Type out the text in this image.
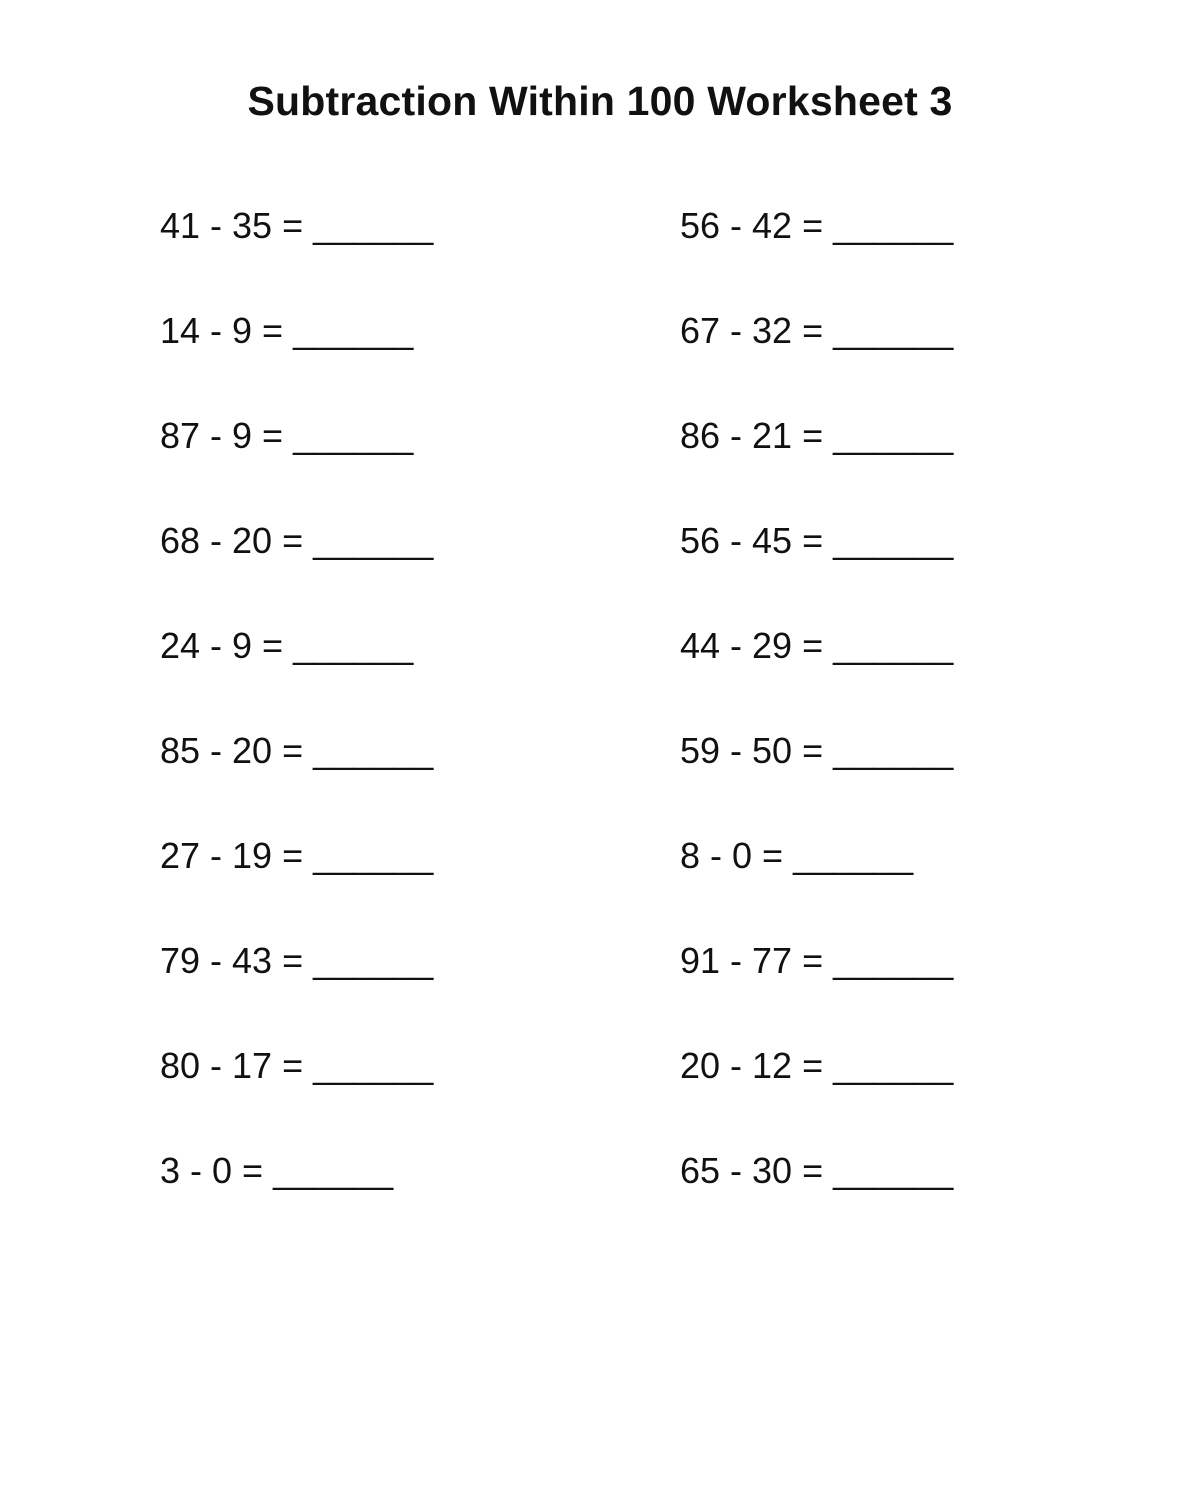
Subtraction Within 100 Worksheet 3
41 - 35 = ______	56 - 42 = ______
14 - 9 = ______	67 - 32 = ______
87 - 9 = ______	86 - 21 = ______
68 - 20 = ______	56 - 45 = ______
24 - 9 = ______	44 - 29 = ______
85 - 20 = ______	59 - 50 = ______
27 - 19 = ______	8 - 0 = ______
79 - 43 = ______	91 - 77 = ______
80 - 17 = ______	20 - 12 = ______
3 - 0 = ______	65 - 30 = ______
